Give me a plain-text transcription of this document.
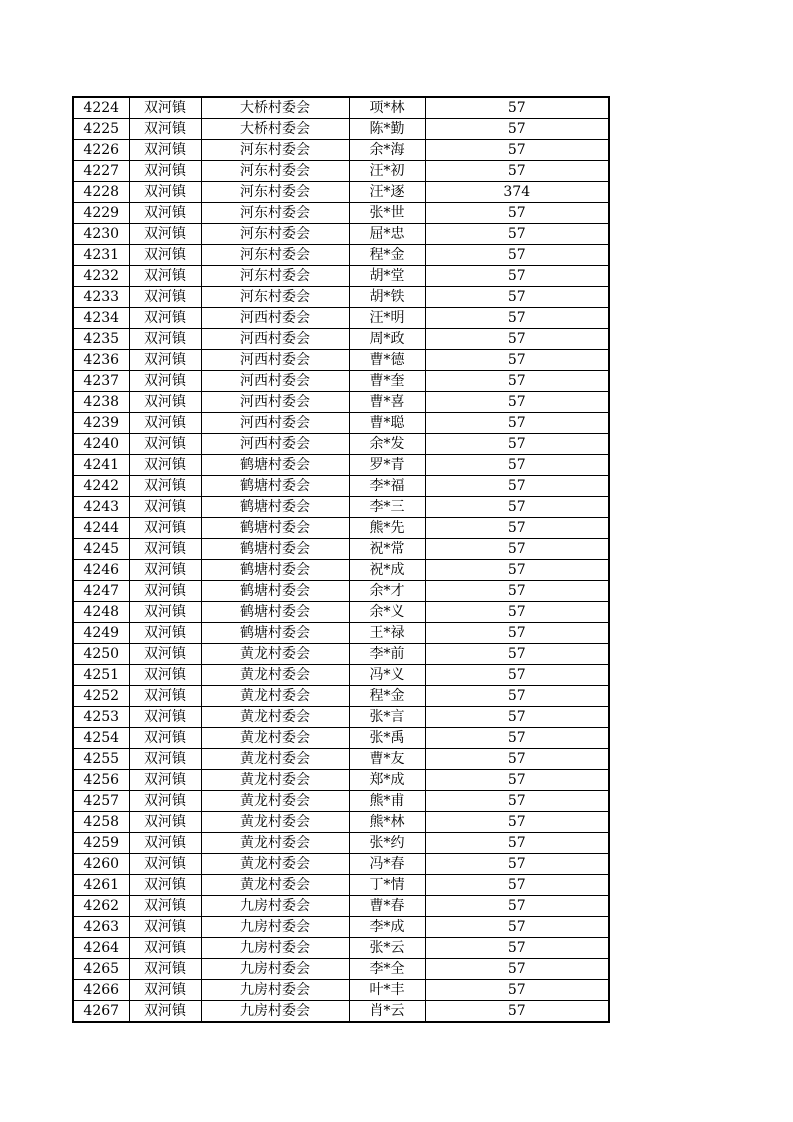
4224	双河镇	大桥村委会	项*林	57
4225	双河镇	大桥村委会	陈*勤	57
4226	双河镇	河东村委会	余*海	57
4227	双河镇	河东村委会	汪*初	57
4228	双河镇	河东村委会	汪*逐	374
4229	双河镇	河东村委会	张*世	57
4230	双河镇	河东村委会	屈*忠	57
4231	双河镇	河东村委会	程*金	57
4232	双河镇	河东村委会	胡*堂	57
4233	双河镇	河东村委会	胡*铁	57
4234	双河镇	河西村委会	汪*明	57
4235	双河镇	河西村委会	周*政	57
4236	双河镇	河西村委会	曹*德	57
4237	双河镇	河西村委会	曹*奎	57
4238	双河镇	河西村委会	曹*喜	57
4239	双河镇	河西村委会	曹*聪	57
4240	双河镇	河西村委会	余*发	57
4241	双河镇	鹤塘村委会	罗*青	57
4242	双河镇	鹤塘村委会	李*福	57
4243	双河镇	鹤塘村委会	李*三	57
4244	双河镇	鹤塘村委会	熊*先	57
4245	双河镇	鹤塘村委会	祝*常	57
4246	双河镇	鹤塘村委会	祝*成	57
4247	双河镇	鹤塘村委会	余*才	57
4248	双河镇	鹤塘村委会	余*义	57
4249	双河镇	鹤塘村委会	王*禄	57
4250	双河镇	黄龙村委会	李*前	57
4251	双河镇	黄龙村委会	冯*义	57
4252	双河镇	黄龙村委会	程*金	57
4253	双河镇	黄龙村委会	张*言	57
4254	双河镇	黄龙村委会	张*禹	57
4255	双河镇	黄龙村委会	曹*友	57
4256	双河镇	黄龙村委会	郑*成	57
4257	双河镇	黄龙村委会	熊*甫	57
4258	双河镇	黄龙村委会	熊*林	57
4259	双河镇	黄龙村委会	张*约	57
4260	双河镇	黄龙村委会	冯*春	57
4261	双河镇	黄龙村委会	丁*情	57
4262	双河镇	九房村委会	曹*春	57
4263	双河镇	九房村委会	李*成	57
4264	双河镇	九房村委会	张*云	57
4265	双河镇	九房村委会	李*全	57
4266	双河镇	九房村委会	叶*丰	57
4267	双河镇	九房村委会	肖*云	57
